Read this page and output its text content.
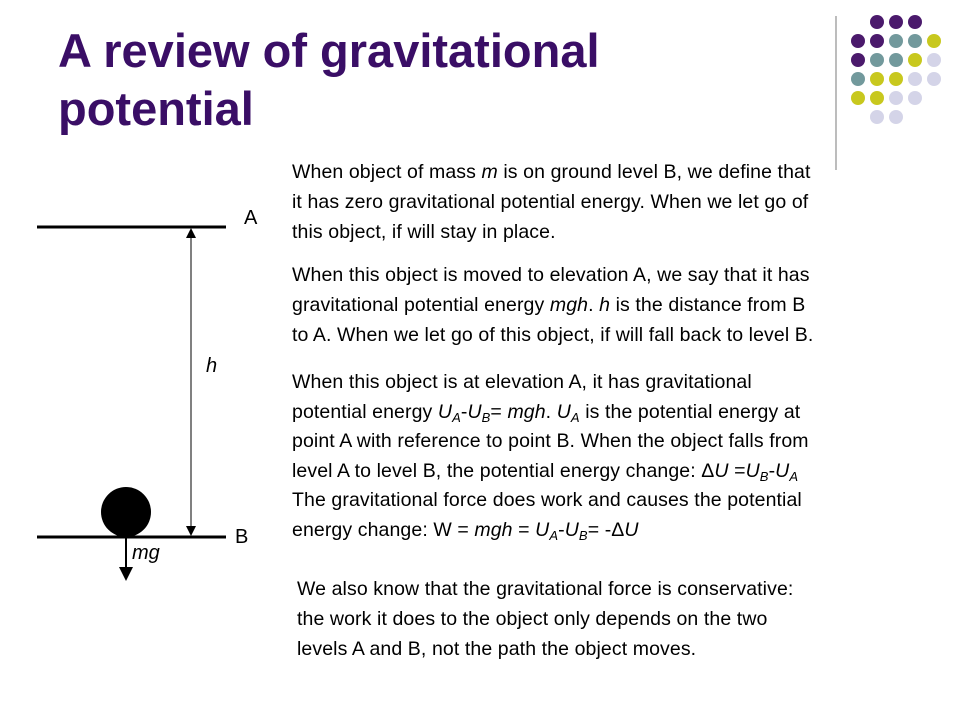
A review of gravitational
potential
A
B
h
mg
When object of mass m is on ground level B, we define that
it has zero gravitational potential energy. When we let go of
this object, if will stay in place.
When this object is moved to elevation A, we say that it has
gravitational potential energy mgh. h is the distance from B
to A. When we let go of this object, if will fall back to level B.
When this object is at elevation A, it has gravitational
potential energy $U_A-U_B=$ mgh. $U_A$ is the potential energy at
point A with reference to point B. When the object falls from
level A to level B, the potential energy change: $\Delta U =U_B-U_A$
The gravitational force does work and causes the potential
energy change: W = mgh = $U_A-U_B= -\Delta U$
We also know that the gravitational force is conservative:
the work it does to the object only depends on the two
levels A and B, not the path the object moves.
